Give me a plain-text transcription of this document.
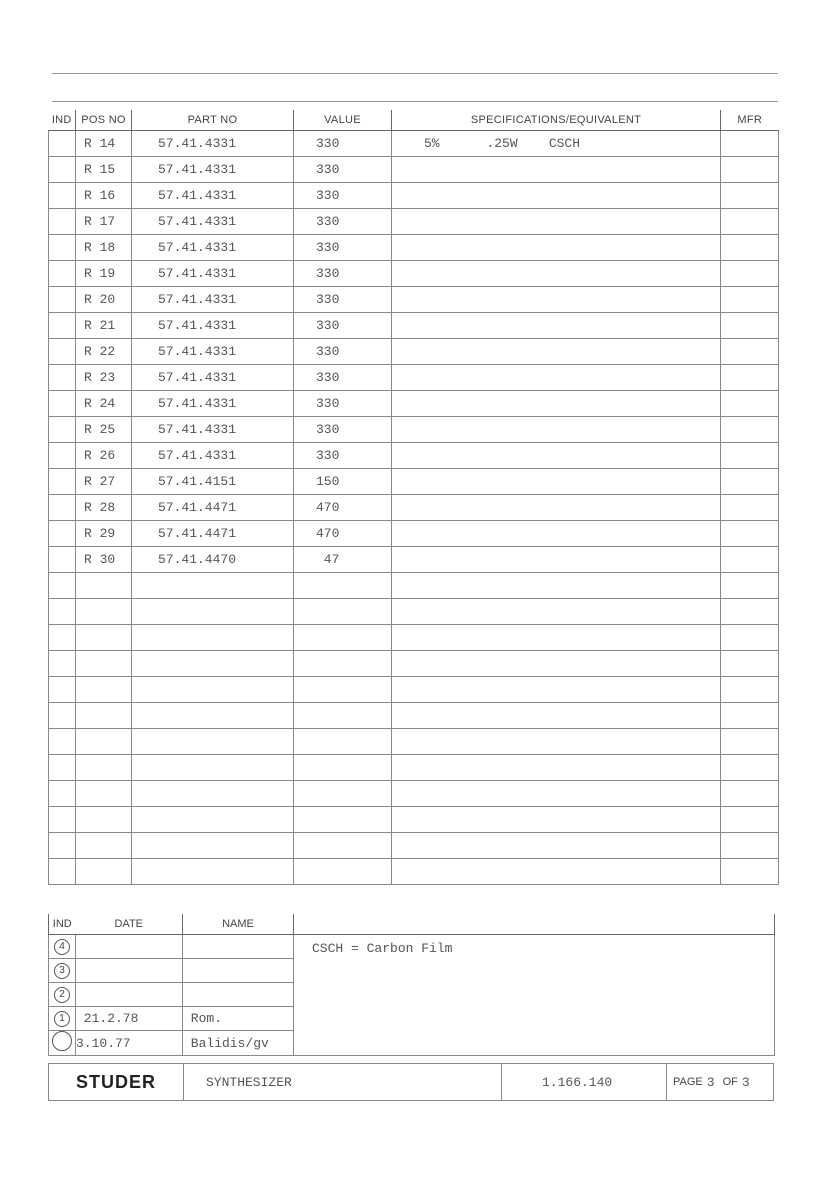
IND	POS NO	PART NO	VALUE	SPECIFICATIONS/EQUIVALENT	MFR
	R 14	57.41.4331	330	5%      .25W    CSCH	
	R 15	57.41.4331	330		
	R 16	57.41.4331	330		
	R 17	57.41.4331	330		
	R 18	57.41.4331	330		
	R 19	57.41.4331	330		
	R 20	57.41.4331	330		
	R 21	57.41.4331	330		
	R 22	57.41.4331	330		
	R 23	57.41.4331	330		
	R 24	57.41.4331	330		
	R 25	57.41.4331	330		
	R 26	57.41.4331	330		
	R 27	57.41.4151	150		
	R 28	57.41.4471	470		
	R 29	57.41.4471	470		
	R 30	57.41.4470	47		

IND	DATE	NAME	
4			CSCH = Carbon Film
3			
2			
1	21.2.78	Rom.	
	3.10.77	Balidis/gv	
STUDER	SYNTHESIZER	1.166.140	PAGE 3 OF 3
